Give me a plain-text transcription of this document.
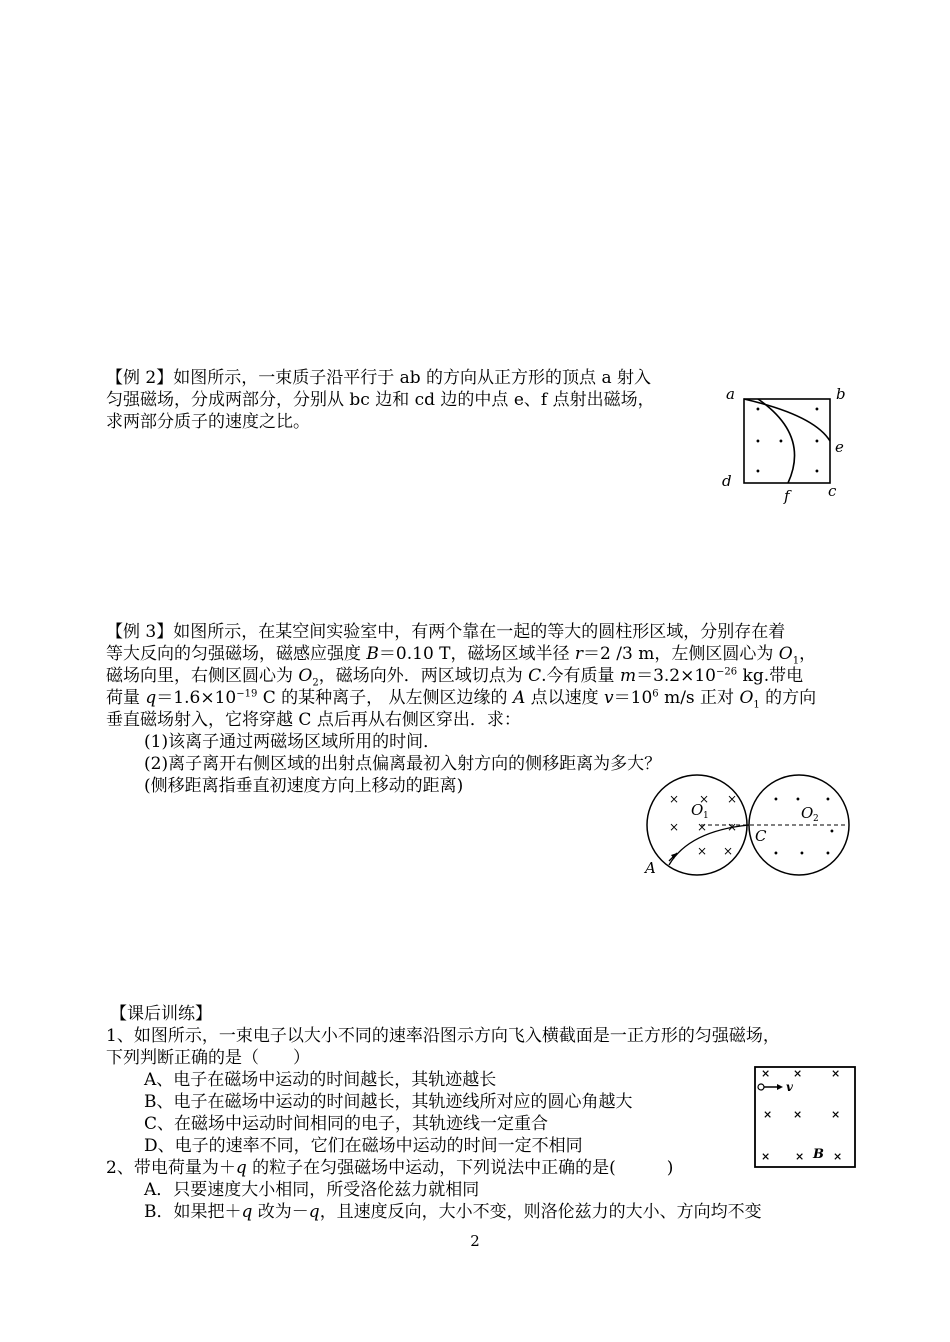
【例 2】如图所示，一束质子沿平行于 ab 的方向从正方形的顶点 a 射入
匀强磁场，分成两部分，分别从 bc 边和 cd 边的中点 e、f 点射出磁场，
求两部分质子的速度之比。
a	b
e
d
f	c
•	•
• •	•
•	•
【例 3】如图所示，在某空间实验室中，有两个靠在一起的等大的圆柱形区域，分别存在着
等大反向的匀强磁场，磁感应强度 B＝0.10 T，磁场区域半径 r＝2 /3 m，左侧区圆心为 $O_1$，
磁场向里，右侧区圆心为 $O_2$，磁场向外．两区域切点为 C.今有质量 $m=3.2\times 10^{-26}$ kg.带电
荷量 $q=1.6\times 10^{-19}$ C 的某种离子， 从左侧区边缘的 A 点以速度 $v=10^6$ m/s 正对 $O_1$ 的方向
垂直磁场射入，它将穿越 C 点后再从右侧区穿出．求：
(1)该离子通过两磁场区域所用的时间．
(2)离子离开右侧区域的出射点偏离最初入射方向的侧移距离为多大？
(侧移距离指垂直初速度方向上移动的距离)
O 1	O 2
C
A
× × ×
× × ×
× ×
• • •
•
• • •
【课后训练】
1、如图所示，一束电子以大小不同的速率沿图示方向飞入横截面是一正方形的匀强磁场，
下列判断正确的是（　　）
A、电子在磁场中运动的时间越长，其轨迹越长
B、电子在磁场中运动的时间越长，其轨迹线所对应的圆心角越大
C、在磁场中运动时间相同的电子，其轨迹线一定重合
D、电子的速率不同，它们在磁场中运动的时间一定不相同
2、带电荷量为＋q 的粒子在匀强磁场中运动，下列说法中正确的是(　　　)
A．只要速度大小相同，所受洛伦兹力就相同
B．如果把＋q 改为－q，且速度反向，大小不变，则洛伦兹力的大小、方向均不变
v
B
× ×	×
× ×	×
× ×	×
2
